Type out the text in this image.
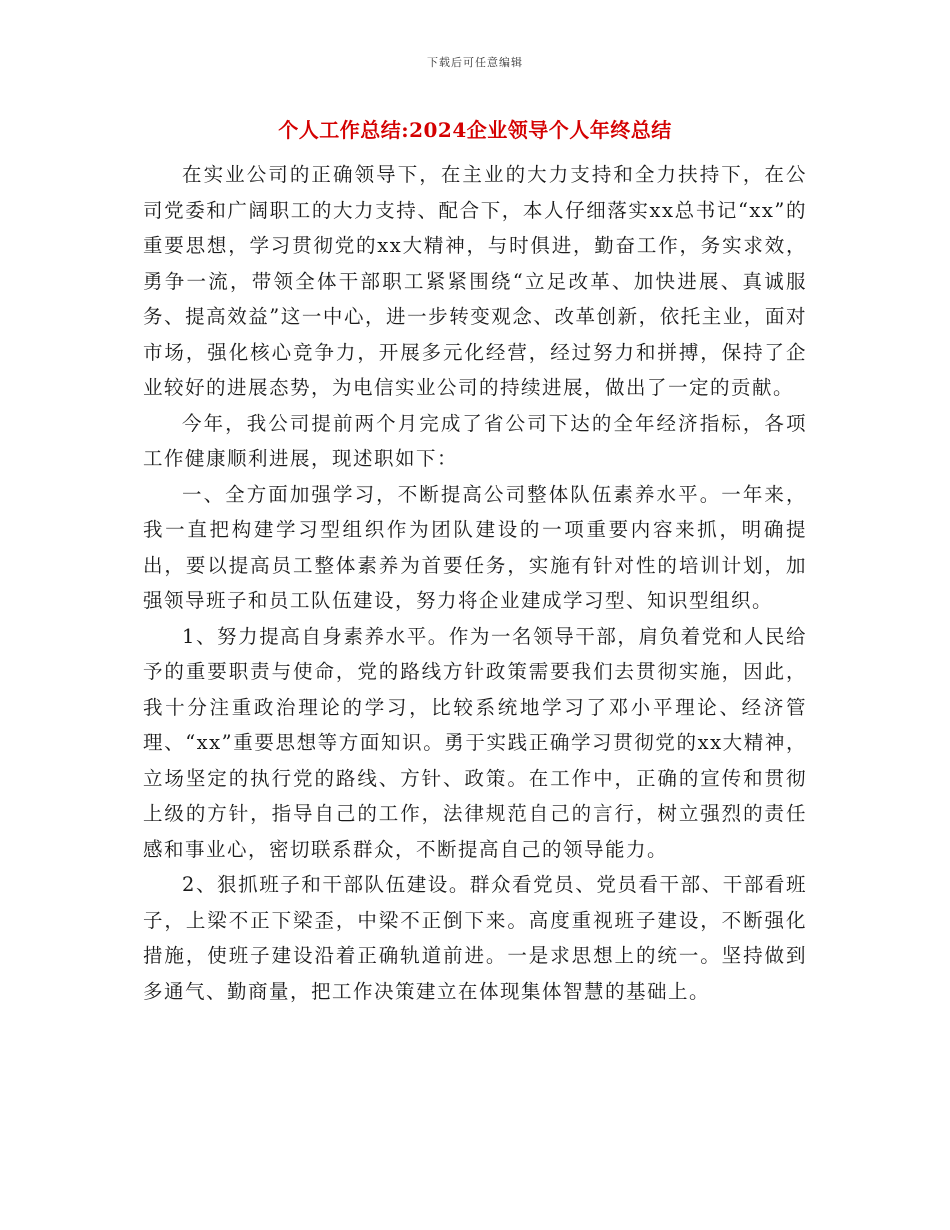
下载后可任意编辑
个人工作总结:2024企业领导个人年终总结

在实业公司的正确领导下，在主业的大力支持和全力扶持下，在公司党委和广阔职工的大力支持、配合下，本人仔细落实xx总书记“xx”的重要思想，学习贯彻党的xx大精神，与时俱进，勤奋工作，务实求效，勇争一流，带领全体干部职工紧紧围绕“立足改革、加快进展、真诚服务、提高效益”这一中心，进一步转变观念、改革创新，依托主业，面对市场，强化核心竞争力，开展多元化经营，经过努力和拼搏，保持了企业较好的进展态势，为电信实业公司的持续进展，做出了一定的贡献。

今年，我公司提前两个月完成了省公司下达的全年经济指标，各项工作健康顺利进展，现述职如下：

一、全方面加强学习，不断提高公司整体队伍素养水平。一年来，我一直把构建学习型组织作为团队建设的一项重要内容来抓，明确提出，要以提高员工整体素养为首要任务，实施有针对性的培训计划，加强领导班子和员工队伍建设，努力将企业建成学习型、知识型组织。

1、努力提高自身素养水平。作为一名领导干部，肩负着党和人民给予的重要职责与使命，党的路线方针政策需要我们去贯彻实施，因此，我十分注重政治理论的学习，比较系统地学习了邓小平理论、经济管理、“xx”重要思想等方面知识。勇于实践正确学习贯彻党的xx大精神，立场坚定的执行党的路线、方针、政策。在工作中，正确的宣传和贯彻上级的方针，指导自己的工作，法律规范自己的言行，树立强烈的责任感和事业心，密切联系群众，不断提高自己的领导能力。

2、狠抓班子和干部队伍建设。群众看党员、党员看干部、干部看班子，上梁不正下梁歪，中梁不正倒下来。高度重视班子建设，不断强化措施，使班子建设沿着正确轨道前进。一是求思想上的统一。坚持做到多通气、勤商量，把工作决策建立在体现集体智慧的基础上。
